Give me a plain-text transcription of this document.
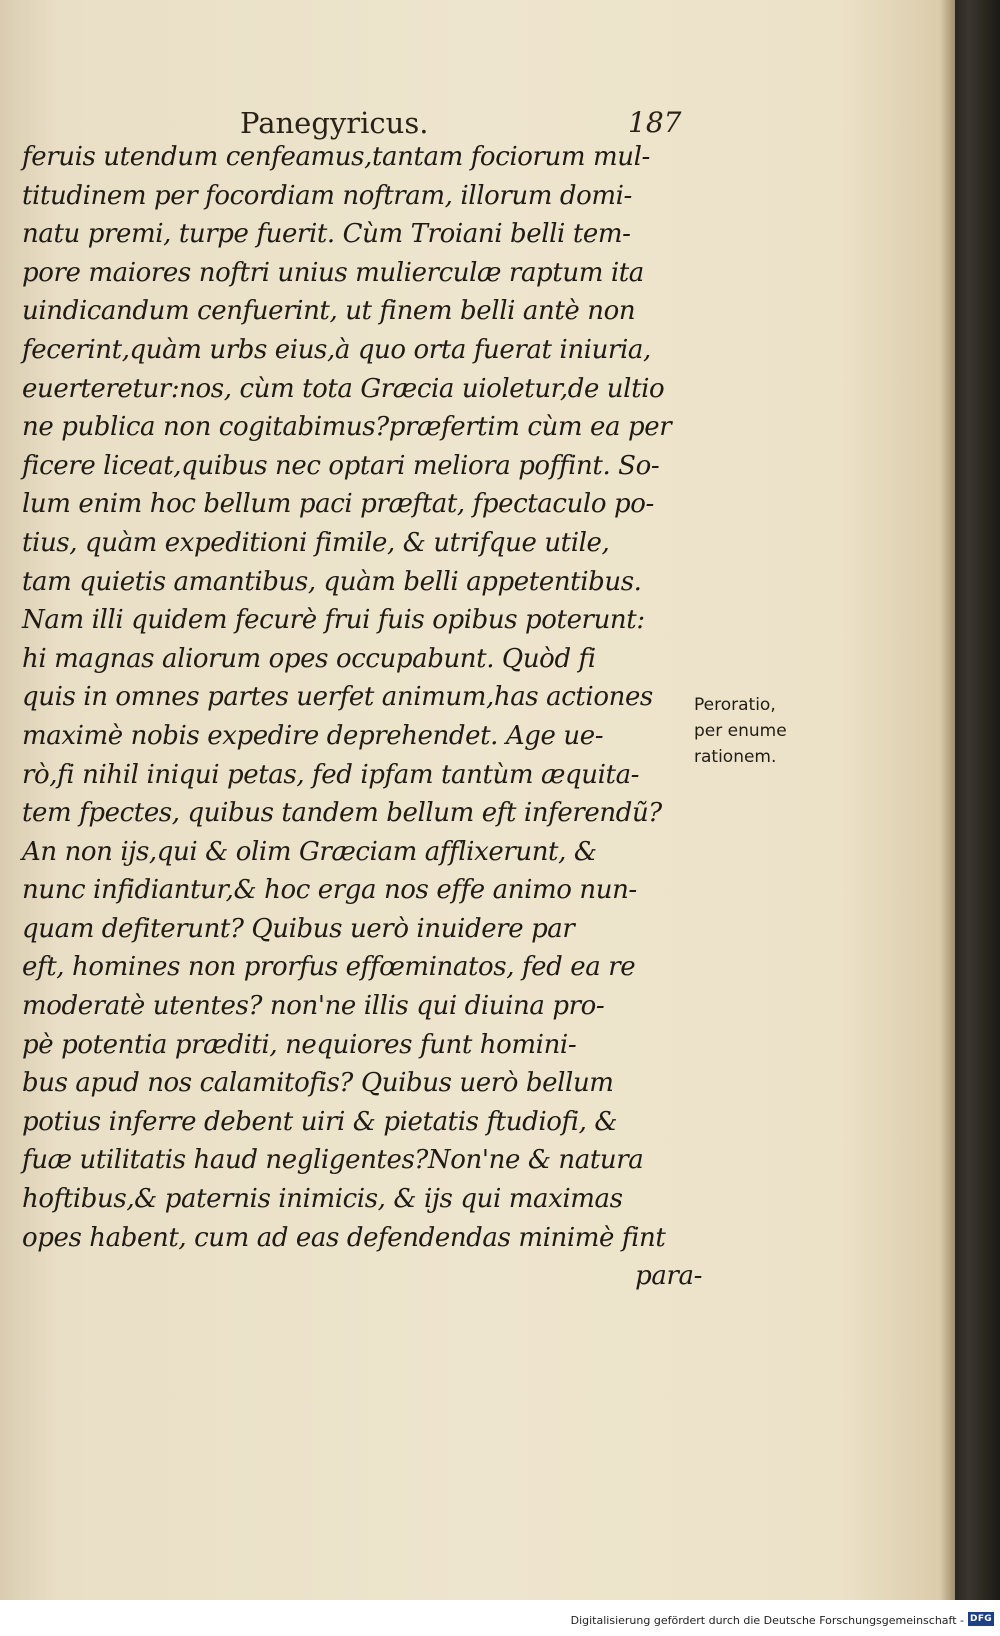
Panegyricus.	187
feruis utendum cenfeamus,tantam fociorum mul-
titudinem per focordiam noftram, illorum domi-
natu premi, turpe fuerit. Cùm Troiani belli tem-
pore maiores noftri unius mulierculæ raptum ita
uindicandum cenfuerint, ut finem belli antè non
fecerint,quàm urbs eius,à quo orta fuerat iniuria,
euerteretur:nos, cùm tota Græcia uioletur,de ultio
ne publica non cogitabimus?præfertim cùm ea per
ficere liceat,quibus nec optari meliora poffint. So-
lum enim hoc bellum paci præftat, fpectaculo po-
tius, quàm expeditioni fimile, & utrifque utile,
tam quietis amantibus, quàm belli appetentibus.
Nam illi quidem fecurè frui fuis opibus poterunt:
hi magnas aliorum opes occupabunt. Quòd fi
quis in omnes partes uerfet animum,has actiones
maximè nobis expedire deprehendet. Age ue-
rò,fi nihil iniqui petas, fed ipfam tantùm æquita-
tem fpectes, quibus tandem bellum eft inferendũ?
An non ijs,qui & olim Græciam afflixerunt, &
nunc infidiantur,& hoc erga nos effe animo nun-
quam defiterunt? Quibus uerò inuidere par
eft, homines non prorfus effœminatos, fed ea re
moderatè utentes? non'ne illis qui diuina pro-
pè potentia præditi, nequiores funt homini-
bus apud nos calamitofis? Quibus uerò bellum
potius inferre debent uiri & pietatis ftudiofi, &
fuæ utilitatis haud negligentes?Non'ne & natura
hoftibus,& paternis inimicis, & ijs qui maximas
opes habent, cum ad eas defendendas minimè fint
para-
Peroratio,
per enume
rationem.
Digitalisierung gefördert durch die Deutsche Forschungsgemeinschaft - DFG
